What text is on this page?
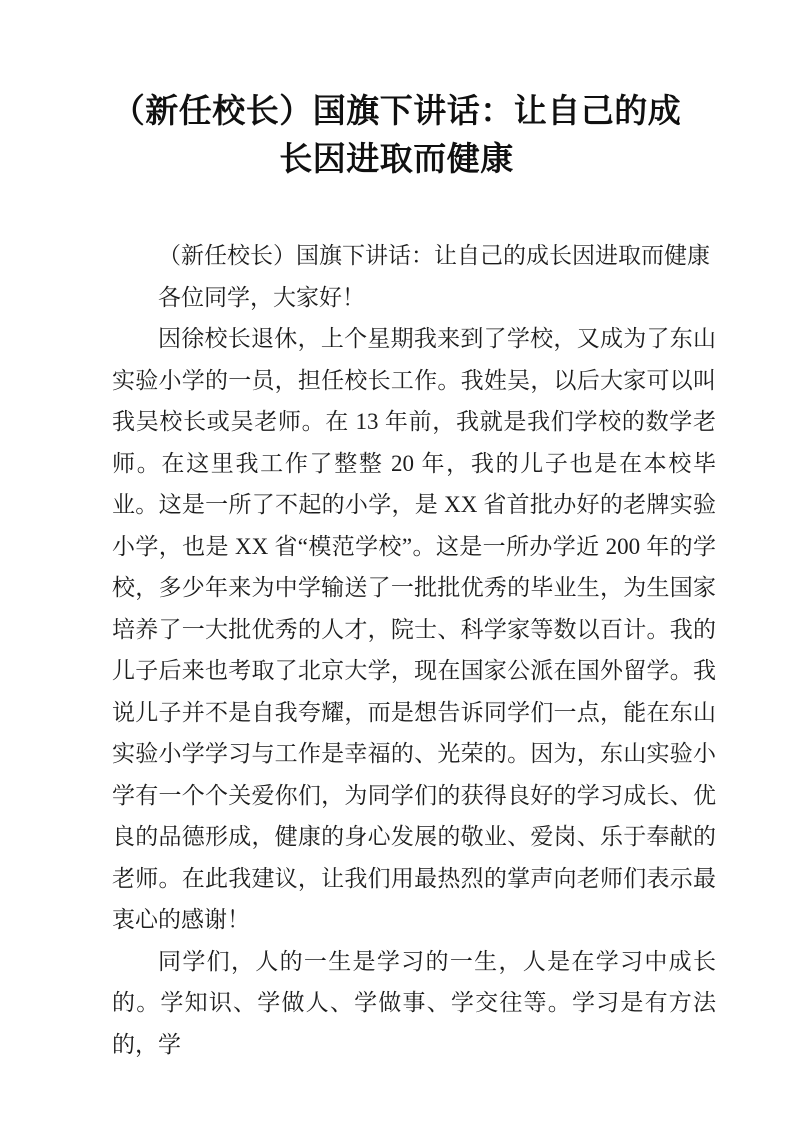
（新任校长）国旗下讲话：让自己的成
长因进取而健康

（新任校长）国旗下讲话：让自己的成长因进取而健康

各位同学，大家好！

因徐校长退休，上个星期我来到了学校，又成为了东山实验小学的一员，担任校长工作。我姓吴，以后大家可以叫我吴校长或吴老师。在 13 年前，我就是我们学校的数学老师。在这里我工作了整整 20 年，我的儿子也是在本校毕业。这是一所了不起的小学，是 XX 省首批办好的老牌实验小学，也是 XX 省“模范学校”。这是一所办学近 200 年的学校，多少年来为中学输送了一批批优秀的毕业生，为生国家培养了一大批优秀的人才，院士、科学家等数以百计。我的儿子后来也考取了北京大学，现在国家公派在国外留学。我说儿子并不是自我夸耀，而是想告诉同学们一点，能在东山实验小学学习与工作是幸福的、光荣的。因为，东山实验小学有一个个关爱你们，为同学们的获得良好的学习成长、优良的品德形成，健康的身心发展的敬业、爱岗、乐于奉献的老师。在此我建议，让我们用最热烈的掌声向老师们表示最衷心的感谢！

同学们，人的一生是学习的一生，人是在学习中成长的。学知识、学做人、学做事、学交往等。学习是有方法的，学
